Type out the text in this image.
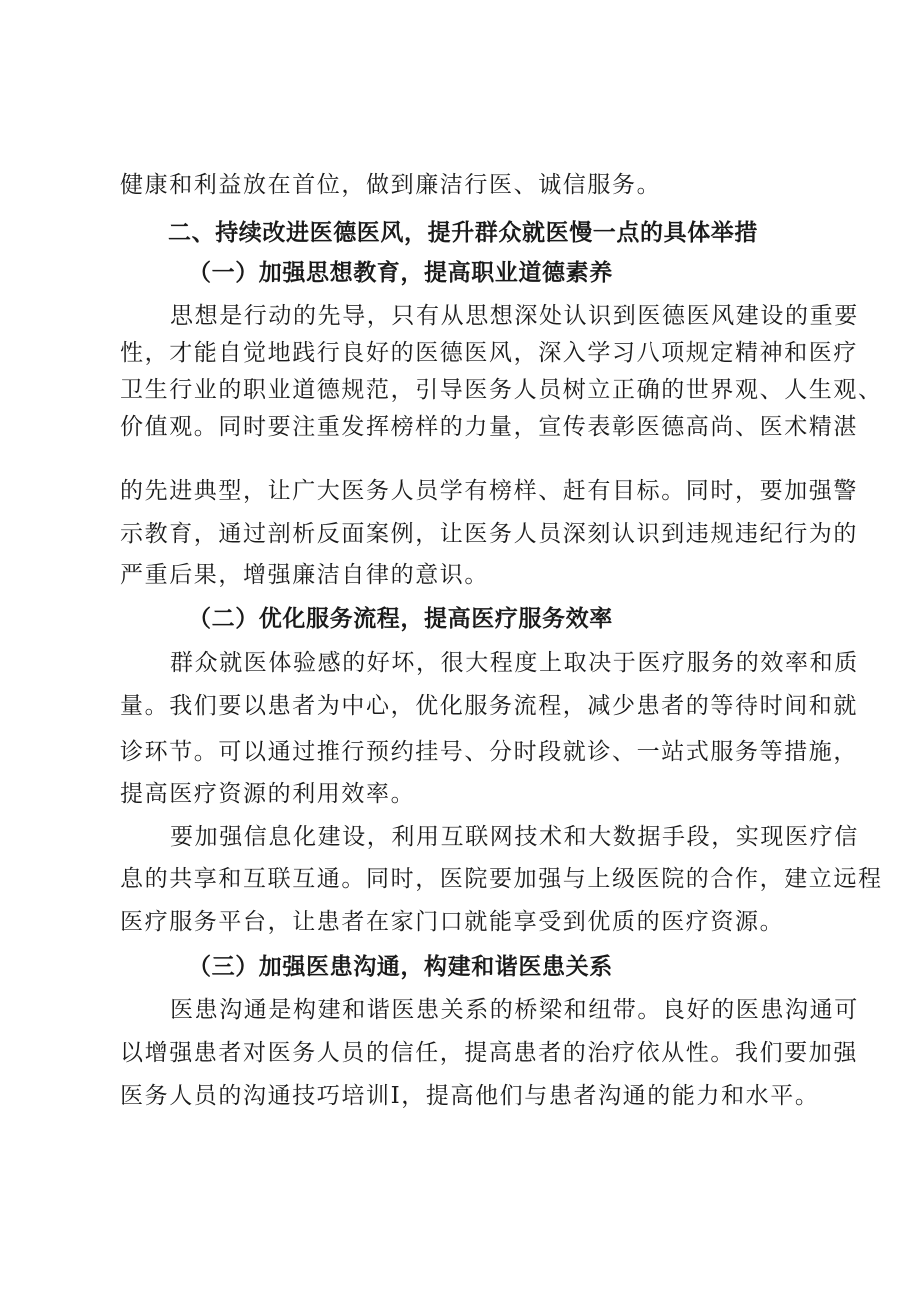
健康和利益放在首位，做到廉洁行医、诚信服务。
二、持续改进医德医风，提升群众就医慢一点的具体举措
（一）加强思想教育，提高职业道德素养
思想是行动的先导，只有从思想深处认识到医德医风建设的重要
性，才能自觉地践行良好的医德医风，深入学习八项规定精神和医疗
卫生行业的职业道德规范，引导医务人员树立正确的世界观、人生观、
价值观。同时要注重发挥榜样的力量，宣传表彰医德高尚、医术精湛
的先进典型，让广大医务人员学有榜样、赶有目标。同时，要加强警
示教育，通过剖析反面案例，让医务人员深刻认识到违规违纪行为的
严重后果，增强廉洁自律的意识。
（二）优化服务流程，提高医疗服务效率
群众就医体验感的好坏，很大程度上取决于医疗服务的效率和质
量。我们要以患者为中心，优化服务流程，减少患者的等待时间和就
诊环节。可以通过推行预约挂号、分时段就诊、一站式服务等措施，
提高医疗资源的利用效率。
要加强信息化建设，利用互联网技术和大数据手段，实现医疗信
息的共享和互联互通。同时，医院要加强与上级医院的合作，建立远程
医疗服务平台，让患者在家门口就能享受到优质的医疗资源。
（三）加强医患沟通，构建和谐医患关系
医患沟通是构建和谐医患关系的桥梁和纽带。良好的医患沟通可
以增强患者对医务人员的信任，提高患者的治疗依从性。我们要加强
医务人员的沟通技巧培训I，提高他们与患者沟通的能力和水平。
